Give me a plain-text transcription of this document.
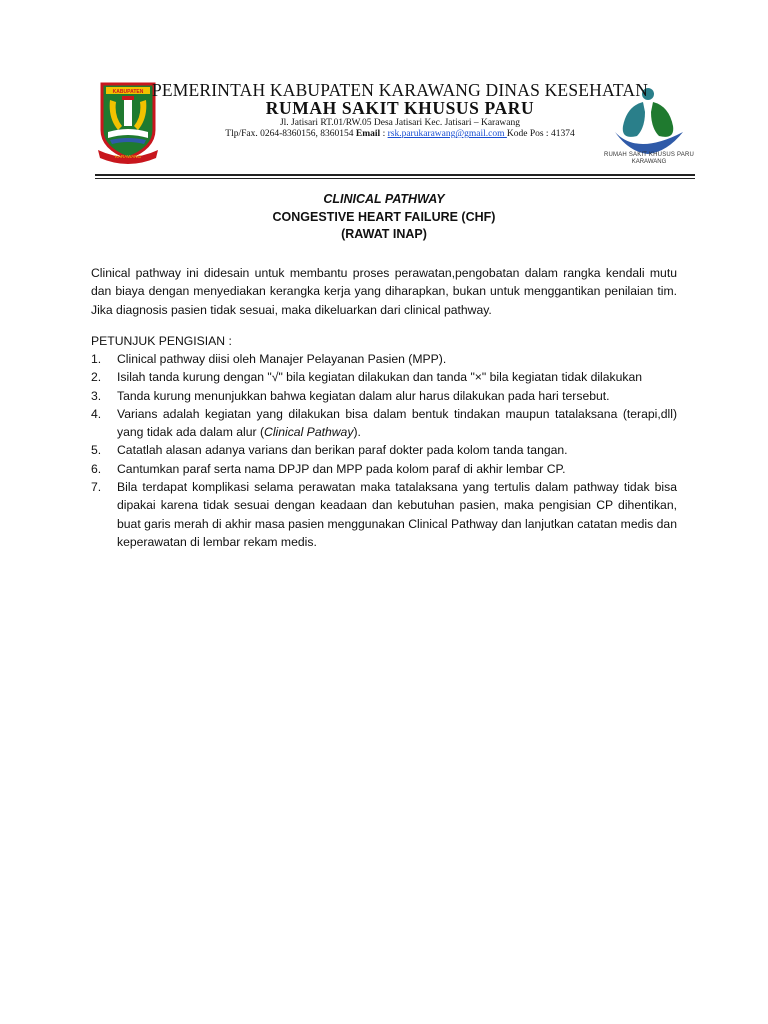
KABUPATEN
KARAWANG	RUMAH SAKIT KHUSUS PARU
KARAWANG
PEMERINTAH KABUPATEN KARAWANG DINAS KESEHATAN
RUMAH SAKIT KHUSUS PARU
Jl. Jatisari RT.01/RW.05 Desa Jatisari Kec. Jatisari – Karawang
Tlp/Fax. 0264-8360156, 8360154 Email : rsk.parukarawang@gmail.com Kode Pos : 41374
CLINICAL PATHWAY
CONGESTIVE HEART FAILURE (CHF)
(RAWAT INAP)
Clinical pathway ini didesain untuk membantu proses perawatan,pengobatan dalam rangka kendali mutu dan biaya dengan menyediakan kerangka kerja yang diharapkan, bukan untuk menggantikan penilaian tim. Jika diagnosis pasien tidak sesuai, maka dikeluarkan dari clinical pathway.
PETUNJUK PENGISIAN :
1.	Clinical pathway diisi oleh Manajer Pelayanan Pasien (MPP).
2.	Isilah tanda kurung dengan "√" bila kegiatan dilakukan dan tanda "×" bila kegiatan tidak dilakukan
3.	Tanda kurung menunjukkan bahwa kegiatan dalam alur harus dilakukan pada hari tersebut.
4.	Varians adalah kegiatan yang dilakukan bisa dalam bentuk tindakan maupun tatalaksana (terapi,dll) yang tidak ada dalam alur (Clinical Pathway).
5.	Catatlah alasan adanya varians dan berikan paraf dokter pada kolom tanda tangan.
6.	Cantumkan paraf serta nama DPJP dan MPP pada kolom paraf di akhir lembar CP.
7.	Bila terdapat komplikasi selama perawatan maka tatalaksana yang tertulis dalam pathway tidak bisa dipakai karena tidak sesuai dengan keadaan dan kebutuhan pasien, maka pengisian CP dihentikan, buat garis merah di akhir masa pasien menggunakan Clinical Pathway dan lanjutkan catatan medis dan keperawatan di lembar rekam medis.
